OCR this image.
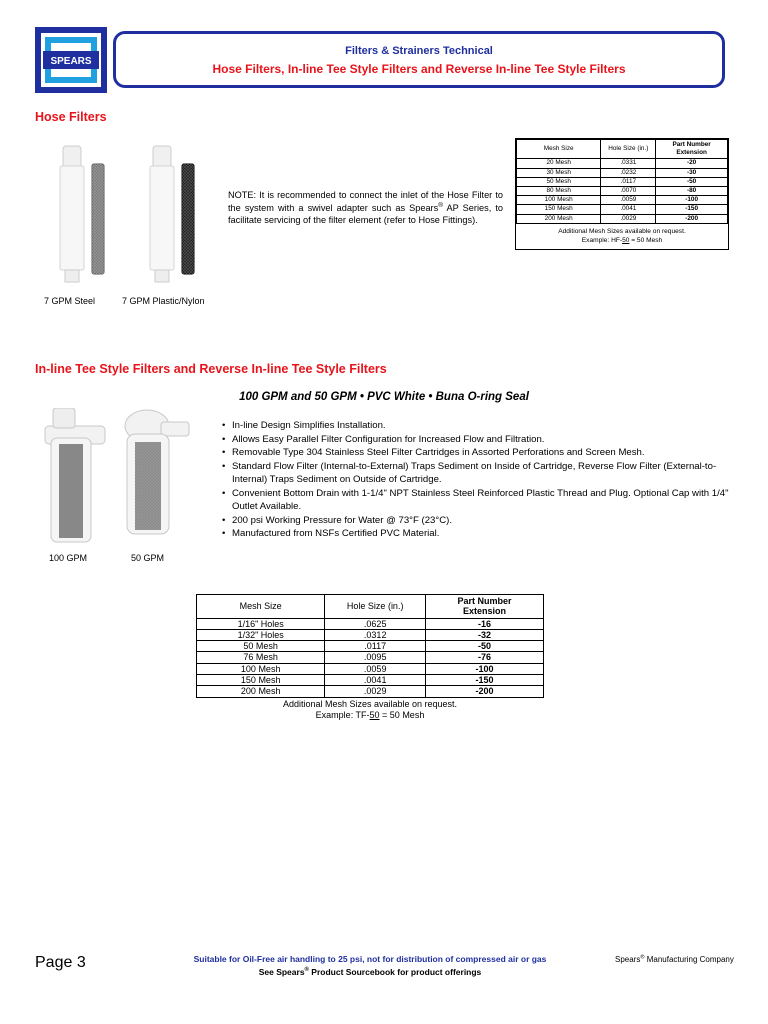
SPEARS
Filters & Strainers Technical
Hose Filters, In-line Tee Style Filters and Reverse In-line Tee Style Filters
Hose Filters
7 GPM Steel	7 GPM Plastic/Nylon
NOTE: It is recommended to connect the inlet of the Hose Filter to the system with a swivel adapter such as Spears® AP Series, to facilitate servicing of the filter element (refer to Hose Fittings).
Mesh Size	Hole Size (in.)	Part Number Extension
20 Mesh	.0331	-20
30 Mesh	.0232	-30
50 Mesh	.0117	-50
80 Mesh	.0070	-80
100 Mesh	.0059	-100
150 Mesh	.0041	-150
200 Mesh	.0029	-200
Additional Mesh Sizes available on request.
Example: HF-50 = 50 Mesh
In-line Tee Style Filters and Reverse In-line Tee Style Filters
100 GPM and 50 GPM • PVC White • Buna O-ring Seal
100 GPM	50 GPM
• In-line Design Simplifies Installation.
• Allows Easy Parallel Filter Configuration for Increased Flow and Filtration.
• Removable Type 304 Stainless Steel Filter Cartridges in Assorted Perforations and Screen Mesh.
• Standard Flow Filter (Internal-to-External) Traps Sediment on Inside of Cartridge, Reverse Flow Filter (External-to-Internal) Traps Sediment on Outside of Cartridge.
• Convenient Bottom Drain with 1-1/4" NPT Stainless Steel Reinforced Plastic Thread and Plug. Optional Cap with 1/4" Outlet Available.
• 200 psi Working Pressure for Water @ 73°F (23°C).
• Manufactured from NSFs Certified PVC Material.
Mesh Size	Hole Size (in.)	Part Number Extension
1/16" Holes	.0625	-16
1/32" Holes	.0312	-32
50 Mesh	.0117	-50
76 Mesh	.0095	-76
100 Mesh	.0059	-100
150 Mesh	.0041	-150
200 Mesh	.0029	-200
Additional Mesh Sizes available on request.
Example: TF-50 = 50 Mesh
Page 3	Suitable for Oil-Free air handling to 25 psi, not for distribution of compressed air or gas
See Spears® Product Sourcebook for product offerings
Spears® Manufacturing Company
